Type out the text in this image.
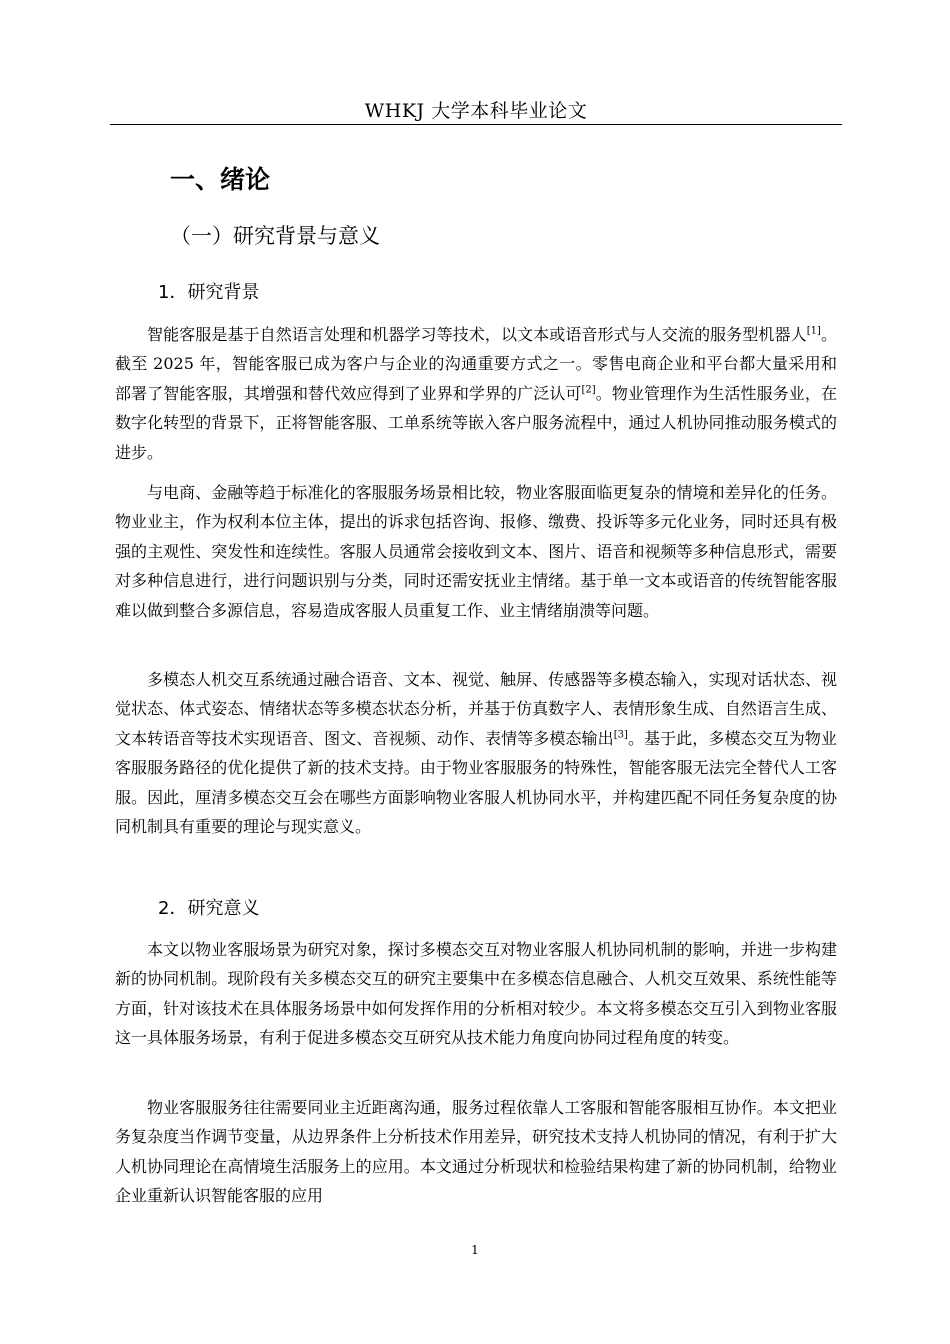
WHKJ 大学本科毕业论文
一、绪论
（一）研究背景与意义
1．研究背景

智能客服是基于自然语言处理和机器学习等技术，以文本或语音形式与人交流的服务型机器人[1]。截至 2025 年，智能客服已成为客户与企业的沟通重要方式之一。零售电商企业和平台都大量采用和部署了智能客服，其增强和替代效应得到了业界和学界的广泛认可[2]。物业管理作为生活性服务业，在数字化转型的背景下，正将智能客服、工单系统等嵌入客户服务流程中，通过人机协同推动服务模式的进步。

与电商、金融等趋于标准化的客服服务场景相比较，物业客服面临更复杂的情境和差异化的任务。物业业主，作为权利本位主体，提出的诉求包括咨询、报修、缴费、投诉等多元化业务，同时还具有极强的主观性、突发性和连续性。客服人员通常会接收到文本、图片、语音和视频等多种信息形式，需要对多种信息进行，进行问题识别与分类，同时还需安抚业主情绪。基于单一文本或语音的传统智能客服难以做到整合多源信息，容易造成客服人员重复工作、业主情绪崩溃等问题。

多模态人机交互系统通过融合语音、文本、视觉、触屏、传感器等多模态输入，实现对话状态、视觉状态、体式姿态、情绪状态等多模态状态分析，并基于仿真数字人、表情形象生成、自然语言生成、文本转语音等技术实现语音、图文、音视频、动作、表情等多模态输出[3]。基于此，多模态交互为物业客服服务路径的优化提供了新的技术支持。由于物业客服服务的特殊性，智能客服无法完全替代人工客服。因此，厘清多模态交互会在哪些方面影响物业客服人机协同水平，并构建匹配不同任务复杂度的协同机制具有重要的理论与现实意义。

2．研究意义

本文以物业客服场景为研究对象，探讨多模态交互对物业客服人机协同机制的影响，并进一步构建新的协同机制。现阶段有关多模态交互的研究主要集中在多模态信息融合、人机交互效果、系统性能等方面，针对该技术在具体服务场景中如何发挥作用的分析相对较少。本文将多模态交互引入到物业客服这一具体服务场景，有利于促进多模态交互研究从技术能力角度向协同过程角度的转变。

物业客服服务往往需要同业主近距离沟通，服务过程依靠人工客服和智能客服相互协作。本文把业务复杂度当作调节变量，从边界条件上分析技术作用差异，研究技术支持人机协同的情况，有利于扩大人机协同理论在高情境生活服务上的应用。本文通过分析现状和检验结果构建了新的协同机制，给物业企业重新认识智能客服的应用

1
